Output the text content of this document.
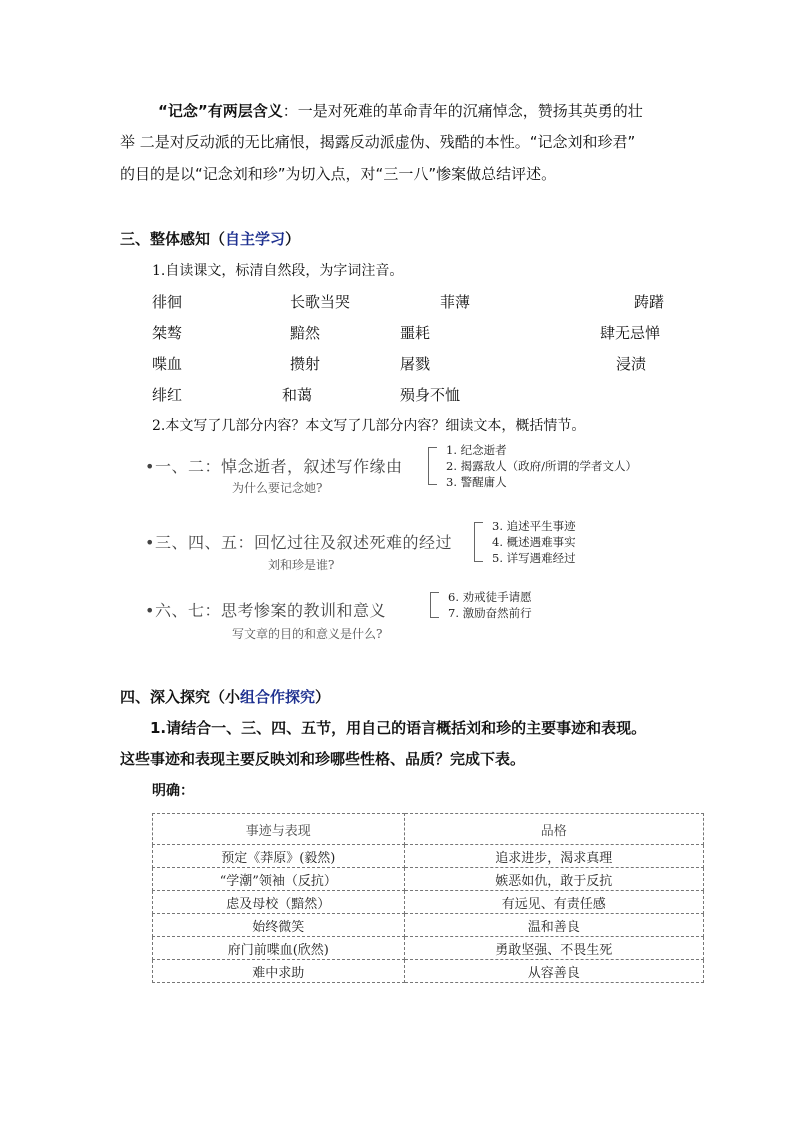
“记念”有两层含义：一是对死难的革命青年的沉痛悼念，赞扬其英勇的壮
举 二是对反动派的无比痛恨，揭露反动派虚伪、残酷的本性。“记念刘和珍君”
的目的是以“记念刘和珍”为切入点，对“三一八”惨案做总结评述。
三、整体感知（自主学习）
1.自读课文，标清自然段，为字词注音。
徘徊	长歌当哭	菲薄	踌躇
桀骜	黯然	噩耗	肆无忌惮
喋血	攒射	屠戮	浸渍
绯红	和蔼	殒身不恤
2.本文写了几部分内容？本文写了几部分内容？细读文本，概括情节。
•一、二：悼念逝者，叙述写作缘由
为什么要记念她?
1. 纪念逝者
2. 揭露敌人（政府/所谓的学者文人）
3. 警醒庸人
•三、四、五：回忆过往及叙述死难的经过
刘和珍是谁?
3. 追述平生事迹
4. 概述遇难事实
5. 详写遇难经过
•六、七：思考惨案的教训和意义
写文章的目的和意义是什么?
6. 劝戒徒手请愿
7. 激励奋然前行
四、深入探究（小组合作探究）
1.请结合一、三、四、五节，用自己的语言概括刘和珍的主要事迹和表现。
这些事迹和表现主要反映刘和珍哪些性格、品质？完成下表。
明确：
事迹与表现	品格
预定《莽原》(毅然)	追求进步，渴求真理
“学潮”领袖（反抗）	嫉恶如仇，敢于反抗
虑及母校（黯然）	有远见、有责任感
始终微笑	温和善良
府门前喋血(欣然)	勇敢坚强、不畏生死
难中求助	从容善良
